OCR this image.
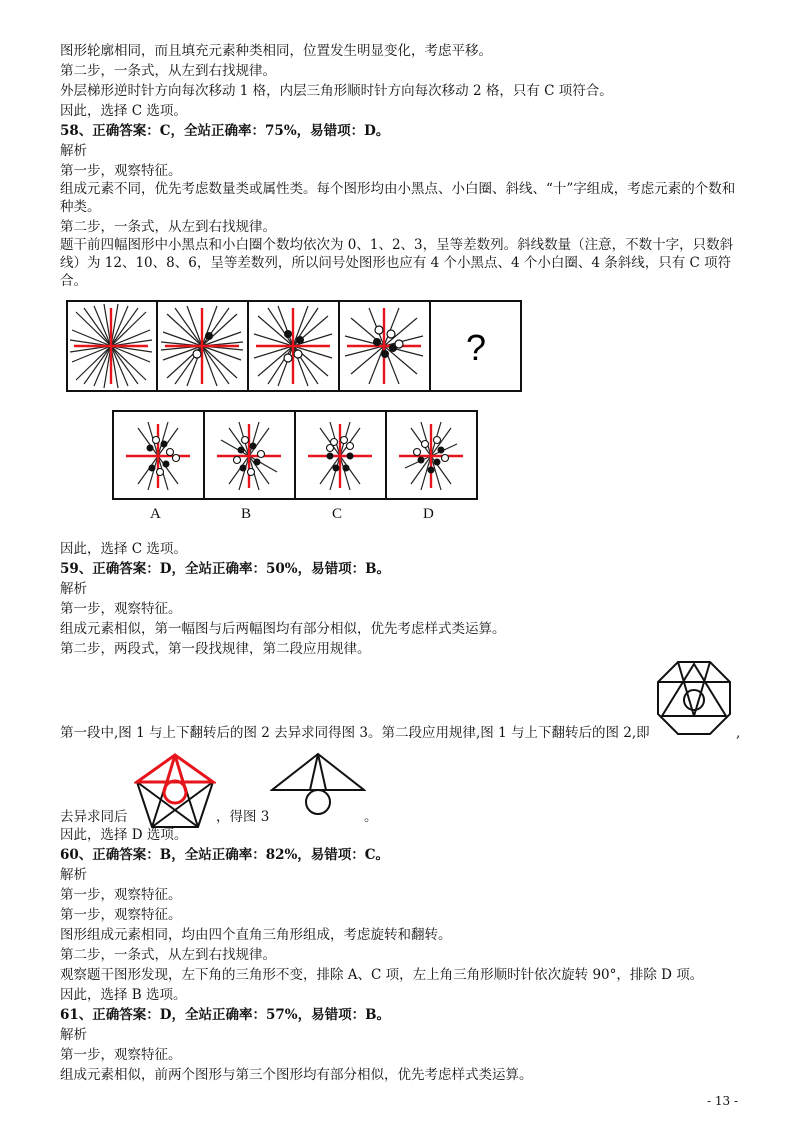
图形轮廓相同，而且填充元素种类相同，位置发生明显变化，考虑平移。
第二步，一条式，从左到右找规律。
外层梯形逆时针方向每次移动 1 格，内层三角形顺时针方向每次移动 2 格，只有 C 项符合。
因此，选择 C 选项。
58、正确答案：C，全站正确率：75%，易错项：D。
解析
第一步，观察特征。
组成元素不同，优先考虑数量类或属性类。每个图形均由小黑点、小白圈、斜线、“十”字组成，考虑元素的个数和种类。
第二步，一条式，从左到右找规律。
题干前四幅图形中小黑点和小白圈个数均依次为 0、1、2、3，呈等差数列。斜线数量（注意，不数十字，只数斜线）为 12、10、8、6，呈等差数列，所以问号处图形也应有 4 个小黑点、4 个小白圈、4 条斜线，只有 C 项符合。
?
A	B	C	D
因此，选择 C 选项。
59、正确答案：D，全站正确率：50%，易错项：B。
解析
第一步，观察特征。
组成元素相似，第一幅图与后两幅图均有部分相似，优先考虑样式类运算。
第二步，两段式，第一段找规律，第二段应用规律。
第一段中,图 1 与上下翻转后的图 2 去异求同得图 3。第二段应用规律,图 1 与上下翻转后的图 2,即	,
去异求同后	，得图 3	。
因此，选择 D 选项。
60、正确答案：B，全站正确率：82%，易错项：C。
解析
第一步，观察特征。
第一步，观察特征。
图形组成元素相同，均由四个直角三角形组成，考虑旋转和翻转。
第二步，一条式，从左到右找规律。
观察题干图形发现，左下角的三角形不变，排除 A、C 项，左上角三角形顺时针依次旋转 90°，排除 D 项。
因此，选择 B 选项。
61、正确答案：D，全站正确率：57%，易错项：B。
解析
第一步，观察特征。
组成元素相似，前两个图形与第三个图形均有部分相似，优先考虑样式类运算。
- 13 -
